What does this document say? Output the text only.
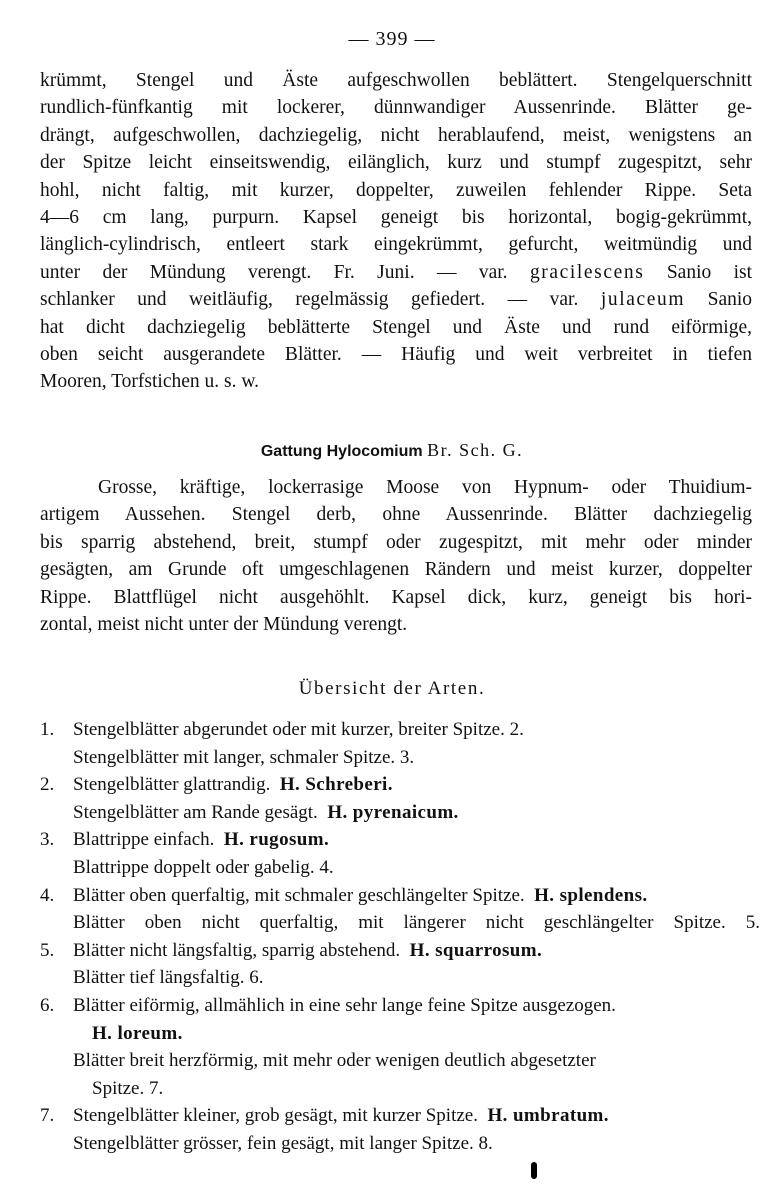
— 399 —
krümmt, Stengel und Äste aufgeschwollen beblättert. Stengelquerschnitt
rundlich-fünfkantig mit lockerer, dünnwandiger Aussenrinde. Blätter ge-
drängt, aufgeschwollen, dachziegelig, nicht herablaufend, meist, wenigstens an
der Spitze leicht einseitswendig, eilänglich, kurz und stumpf zugespitzt, sehr
hohl, nicht faltig, mit kurzer, doppelter, zuweilen fehlender Rippe. Seta
4—6 cm lang, purpurn. Kapsel geneigt bis horizontal, bogig-gekrümmt,
länglich-cylindrisch, entleert stark eingekrümmt, gefurcht, weitmündig und
unter der Mündung verengt. Fr. Juni. — var. gracilescens Sanio ist
schlanker und weitläufig, regelmässig gefiedert. — var. julaceum Sanio
hat dicht dachziegelig beblätterte Stengel und Äste und rund eiförmige,
oben seicht ausgerandete Blätter. — Häufig und weit verbreitet in tiefen
Mooren, Torfstichen u. s. w.
Gattung Hylocomium Br. Sch. G.
Grosse, kräftige, lockerrasige Moose von Hypnum- oder Thuidium-
artigem Aussehen. Stengel derb, ohne Aussenrinde. Blätter dachziegelig
bis sparrig abstehend, breit, stumpf oder zugespitzt, mit mehr oder minder
gesägten, am Grunde oft umgeschlagenen Rändern und meist kurzer, doppelter
Rippe. Blattflügel nicht ausgehöhlt. Kapsel dick, kurz, geneigt bis hori-
zontal, meist nicht unter der Mündung verengt.
Übersicht der Arten.
1. Stengelblätter abgerundet oder mit kurzer, breiter Spitze. 2.
Stengelblätter mit langer, schmaler Spitze. 3.
2. Stengelblätter glattrandig. H. Schreberi.
Stengelblätter am Rande gesägt. H. pyrenaicum.
3. Blattrippe einfach. H. rugosum.
Blattrippe doppelt oder gabelig. 4.
4. Blätter oben querfaltig, mit schmaler geschlängelter Spitze. H. splendens.
Blätter oben nicht querfaltig, mit längerer nicht geschlängelter Spitze. 5.
5. Blätter nicht längsfaltig, sparrig abstehend. H. squarrosum.
Blätter tief längsfaltig. 6.
6. Blätter eiförmig, allmählich in eine sehr lange feine Spitze ausgezogen.
H. loreum.
Blätter breit herzförmig, mit mehr oder wenigen deutlich abgesetzter
Spitze. 7.
7. Stengelblätter kleiner, grob gesägt, mit kurzer Spitze. H. umbratum.
Stengelblätter grösser, fein gesägt, mit langer Spitze. 8.
